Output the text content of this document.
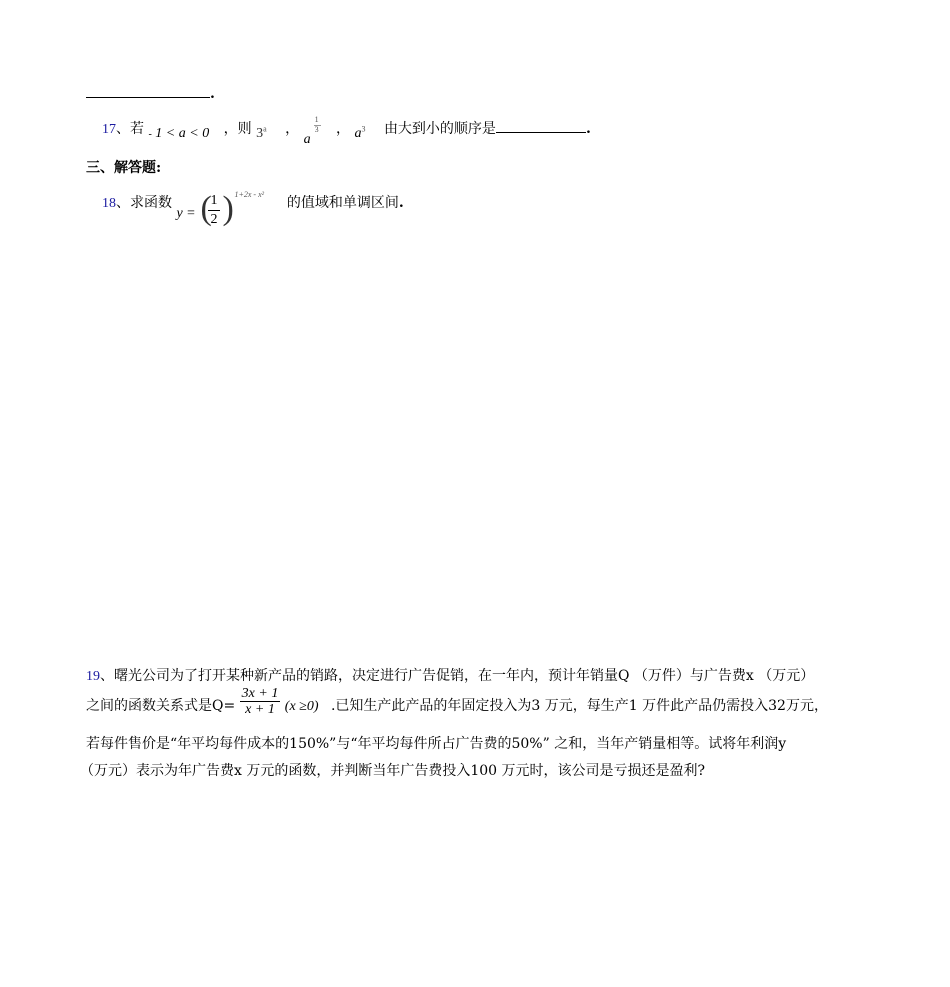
.
17、若 - 1 < a < 0 ，则 3$^a$ ，
a
1
3 ， $a^3$ 由大到小的顺序是	.
三、解答题:
18、求函数
y = (
1
2 ) 1+2x - x²
的值域和单调区间.
19、曙光公司为了打开某种新产品的销路，决定进行广告促销，在一年内，预计年销量Q （万件）与广告费x （万元）
之间的函数关系式是$Q= \frac{3x + 1}{x + 1} (x \ge 0)$ .已知生产此产品的年固定投入为3 万元，每生产1 万件此产品仍需投入32万元，
若每件售价是“年平均每件成本的150%”与“年平均每件所占广告费的50%” 之和，当年产销量相等。试将年利润y
（万元）表示为年广告费x 万元的函数，并判断当年广告费投入100 万元时，该公司是亏损还是盈利?
